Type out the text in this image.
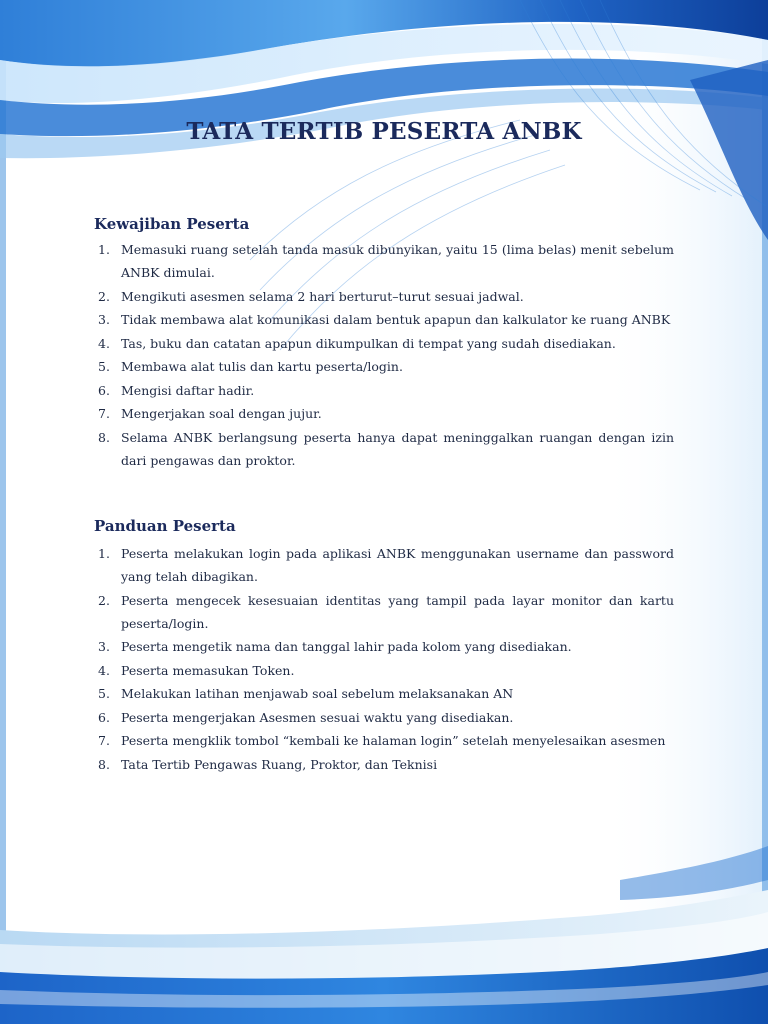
TATA TERTIB PESERTA ANBK
Kewajiban Peserta
1. Memasuki ruang setelah tanda masuk dibunyikan, yaitu 15 (lima belas) menit sebelum ANBK dimulai.
2. Mengikuti asesmen selama 2 hari berturut–turut sesuai jadwal.
3. Tidak membawa alat komunikasi dalam bentuk apapun dan kalkulator ke ruang ANBK
4. Tas, buku dan catatan apapun dikumpulkan di tempat yang sudah disediakan.
5. Membawa alat tulis dan kartu peserta/login.
6. Mengisi daftar hadir.
7. Mengerjakan soal dengan jujur.
8. Selama ANBK berlangsung peserta hanya dapat meninggalkan ruangan dengan izin dari pengawas dan proktor.
Panduan Peserta
1. Peserta melakukan login pada aplikasi ANBK menggunakan username dan password yang telah dibagikan.
2. Peserta mengecek kesesuaian identitas yang tampil pada layar monitor dan kartu peserta/login.
3. Peserta mengetik nama dan tanggal lahir pada kolom yang disediakan.
4. Peserta memasukan Token.
5. Melakukan latihan menjawab soal sebelum melaksanakan AN
6. Peserta mengerjakan Asesmen sesuai waktu yang disediakan.
7. Peserta mengklik tombol “kembali ke halaman login” setelah menyelesaikan asesmen
8. Tata Tertib Pengawas Ruang, Proktor, dan Teknisi
